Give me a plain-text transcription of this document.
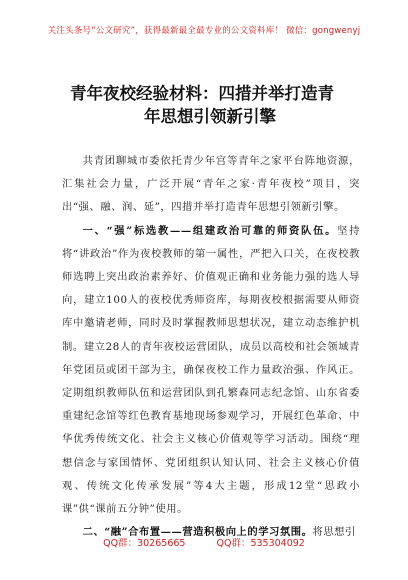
关注头条号“公文研究”，获得最新最全最专业的公文资料库！ 微信：gongwenyj
青年夜校经验材料：四措并举打造青
年思想引领新引擎

共青团聊城市委依托青少年宫等青年之家平台阵地资源，汇集社会力量，广泛开展“青年之家·青年夜校”项目，突出“强、融、润、延”，四措并举打造青年思想引领新引擎。

一、“强”标选教——组建政治可靠的师资队伍。坚持将“讲政治”作为夜校教师的第一属性，严把入口关，在夜校教师选聘上突出政治素养好、价值观正确和业务能力强的选人导向，建立100人的夜校优秀师资库，每期夜校根据需要从师资库中邀请老师，同时及时掌握教师思想状况，建立动态维护机制。建立28人的青年夜校运营团队，成员以高校和社会领域青年党团员或团干部为主，确保夜校工作力量政治强、作风正。定期组织教师队伍和运营团队到孔繁森同志纪念馆、山东省委重建纪念馆等红色教育基地现场参观学习，开展红色革命、中华优秀传统文化、社会主义核心价值观等学习活动。围绕“理想信念与家国情怀、党团组织认知认同、社会主义核心价值观、传统文化传承发展”等4大主题，形成12堂“思政小课”供“课前五分钟”使用。

二、“融”合布置——营造积极向上的学习氛围。将思想引

QQ群：30265665	QQ群：535304092
